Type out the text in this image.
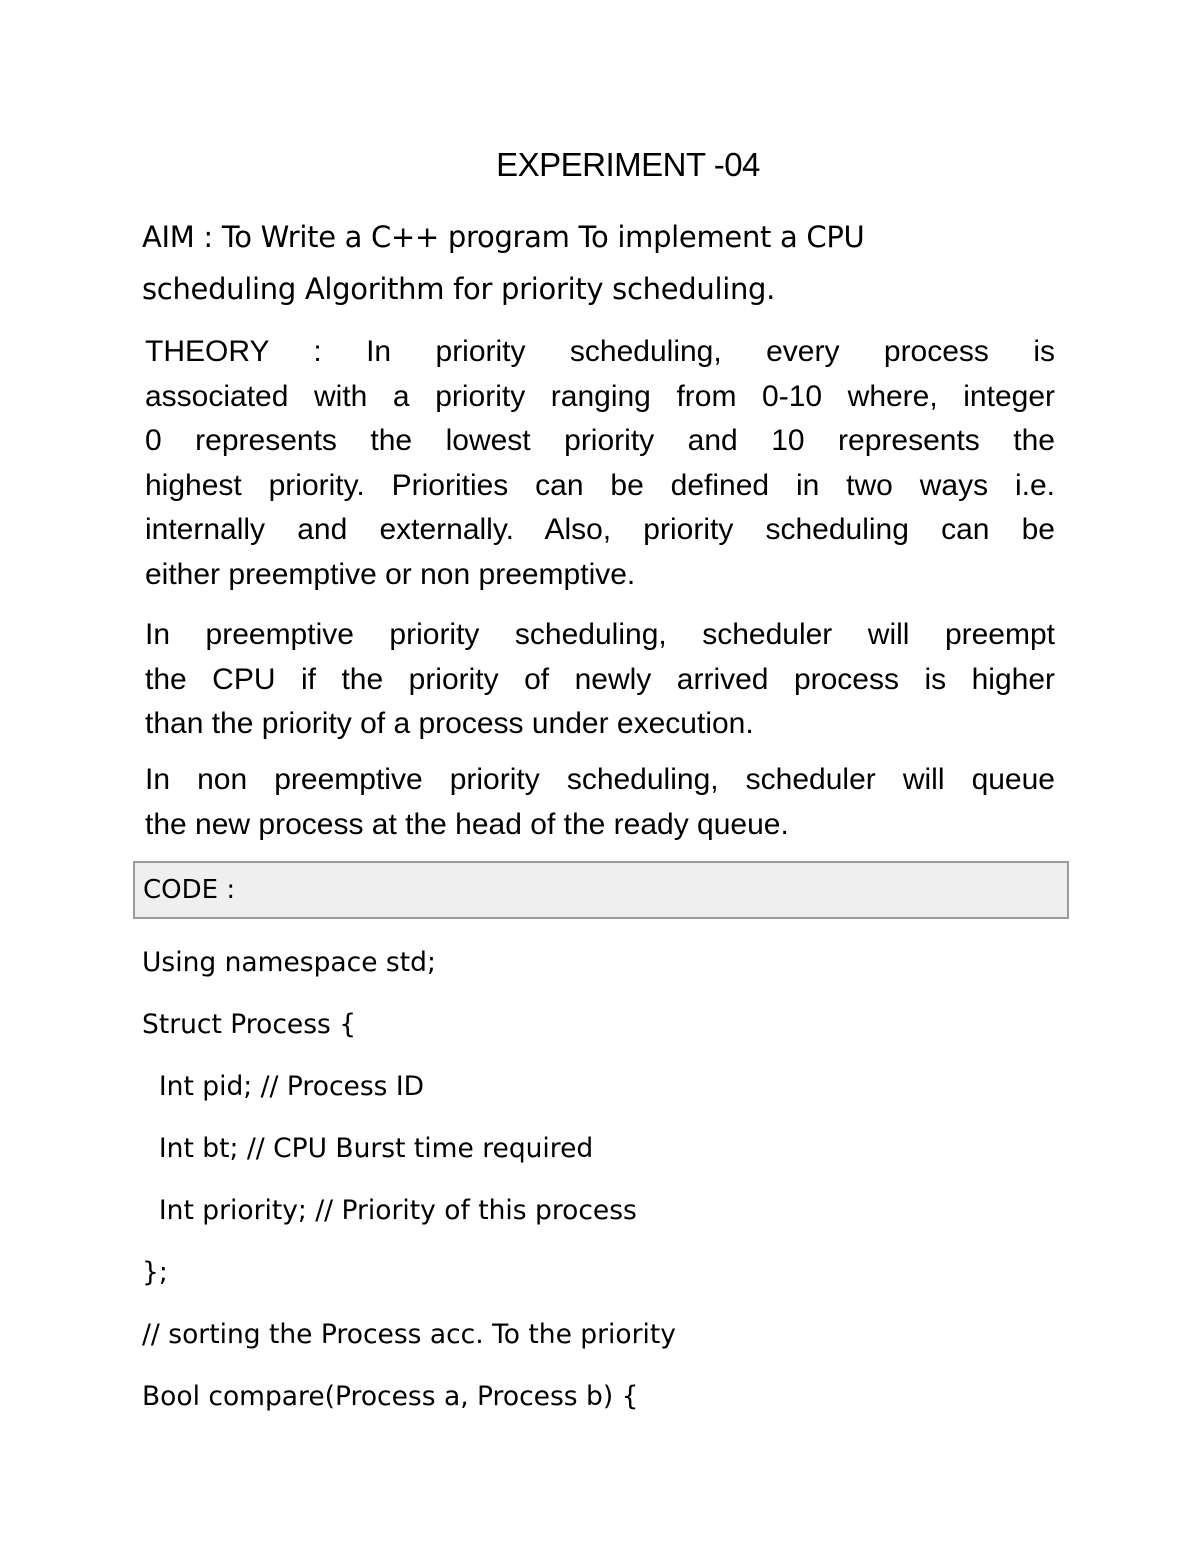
EXPERIMENT -04
AIM : To Write a C++ program To implement a CPU
scheduling Algorithm for priority scheduling.
THEORY : In priority scheduling, every process is
associated with a priority ranging from 0-10 where, integer
0 represents the lowest priority and 10 represents the
highest priority. Priorities can be defined in two ways i.e.
internally and externally. Also, priority scheduling can be
either preemptive or non preemptive.
In preemptive priority scheduling, scheduler will preempt
the CPU if the priority of newly arrived process is higher
than the priority of a process under execution.
In non preemptive priority scheduling, scheduler will queue
the new process at the head of the ready queue.
CODE :
Using namespace std;
Struct Process {
Int pid; // Process ID
Int bt; // CPU Burst time required
Int priority; // Priority of this process
};
// sorting the Process acc. To the priority
Bool compare(Process a, Process b) {
